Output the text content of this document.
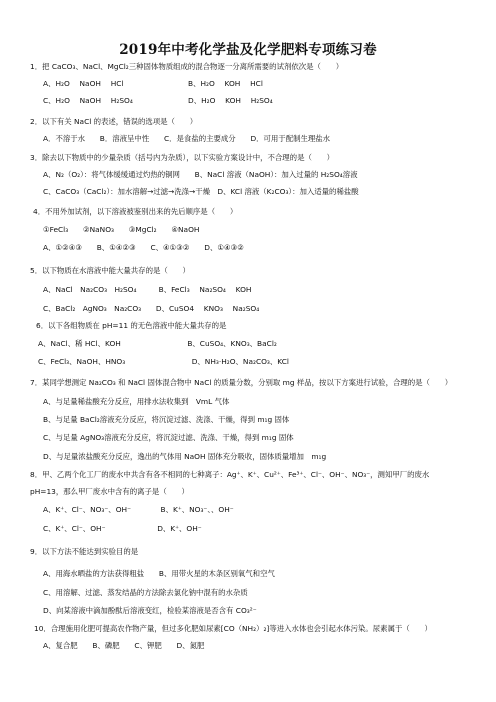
2019年中考化学盐及化学肥料专项练习卷
1．把 CaCO₃、NaCl、MgCl₂三种固体物质组成的混合物逐一分离所需要的试剂依次是（　　）
A、H₂O　 NaOH　 HCl	B、H₂O　 KOH　 HCl
C、H₂O　 NaOH　 H₂SO₄	D、H₂O　 KOH　 H₂SO₄
2．以下有关 NaCl 的表述，错误的选项是（　　）
A．不溶于水　　B．溶液呈中性　　C．是食盐的主要成分　　D．可用于配制生理盐水
3．除去以下物质中的少量杂质（括号内为杂质），以下实验方案设计中，不合理的是（　　）
A、N₂（O₂）：将气体缓缓通过灼热的铜网　　B、NaCl 溶液（NaOH）：加入过量的 H₂SO₄溶液
C、CaCO₃（CaCl₂）：加水溶解→过滤→洗涤→干燥　D、KCl 溶液（K₂CO₃）：加入适量的稀盐酸
4．不用外加试剂，以下溶液被鉴别出来的先后顺序是（　　）
①FeCl₃　　②NaNO₃　　③MgCl₂　　④NaOH
A、①②④③　　B、①④②③　　C、④①③②　　D、①④③②
5．以下物质在水溶液中能大量共存的是（　　）
A、NaCl　Na₂CO₃　H₂SO₄　　　B、FeCl₃　 Na₂SO₄　 KOH
C、BaCl₂　AgNO₃　Na₂CO₃　　D、CuSO4　 KNO₃　 Na₂SO₄
6．以下各组物质在 pH=11 的无色溶液中能大量共存的是
A、NaCl、稀 HCl、KOH　　　　　　　　　B、CuSO₄、KNO₃、BaCl₂
C、FeCl₃、NaOH、HNO₃　　　　　　　　　D、NH₃·H₂O、Na₂CO₃、KCl
7．某同学想测定 Na₂CO₃ 和 NaCl 固体混合物中 NaCl 的质量分数，分别取 mg 样品，按以下方案进行试验，合理的是（　　）
A、与足量稀盐酸充分反应，用排水法收集到　VmL 气体
B、与足量 BaCl₂溶液充分反应，将沉淀过滤、洗涤、干燥，得到 m₁g 固体
C、与足量 AgNO₃溶液充分反应，将沉淀过滤、洗涤、干燥，得到 m₁g 固体
D、与足量浓盐酸充分反应，逸出的气体用 NaOH 固体充分吸收，固体质量增加　m₁g
8．甲、乙两个化工厂的废水中共含有各不相同的七种离子：Ag⁺、K⁺、Cu²⁺、Fe³⁺、Cl⁻、OH⁻、NO₃⁻，测知甲厂的废水
pH=13，那么甲厂废水中含有的离子是（　　）
A、K⁺、Cl⁻、NO₃⁻、OH⁻　　　　B、K⁺、NO₃⁻、、OH⁻
C、K⁺、Cl⁻、OH⁻　　　　　　　D、K⁺、OH⁻
9．以下方法不能达到实验目的是
A、用海水晒盐的方法获得粗盐　　B、用带火星的木条区别氧气和空气
C、用溶解、过滤、蒸发结晶的方法除去氯化钠中混有的水杂质
D、向某溶液中滴加酚酞后溶液变红，检验某溶液是否含有 CO₃²⁻
10．合理施用化肥可提高农作物产量，但过多化肥如尿素[CO（NH₂）₂]等进入水体也会引起水体污染。尿素属于（　　）
A、复合肥　　B、磷肥　　C、钾肥　　D、氮肥
